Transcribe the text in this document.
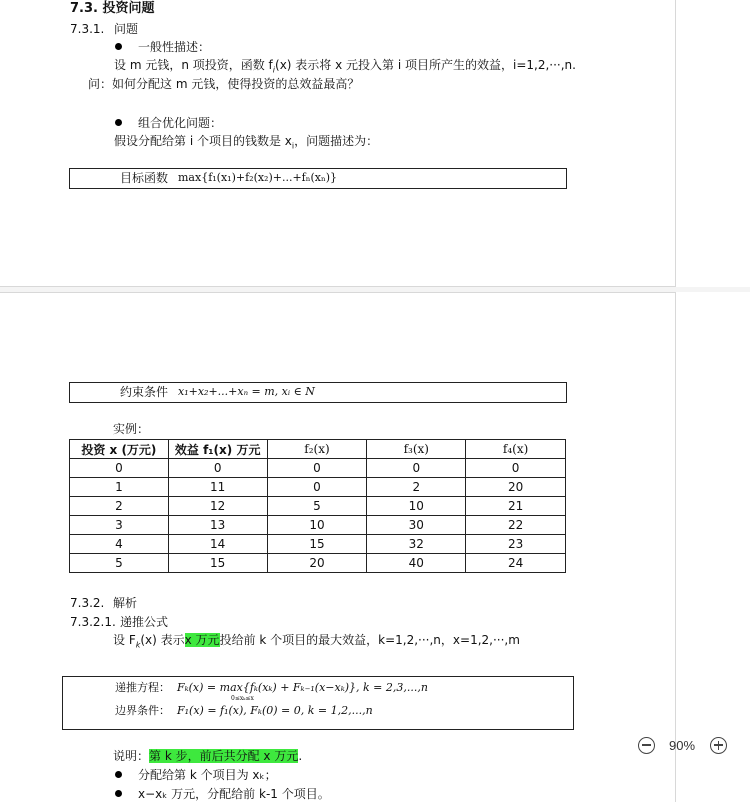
7.3. 投资问题
7.3.1. 问题
一般性描述：
设 m 元钱，n 项投资，函数 $f_i(x)$ 表示将 x 元投入第 i 项目所产生的效益，i=1,2,···,n.
问：如何分配这 m 元钱，使得投资的总效益最高？
组合优化问题：
假设分配给第 i 个项目的钱数是 $x_i$，问题描述为：
目标函数 max{f₁(x₁)+f₂(x₂)+...+fₙ(xₙ)}
约束条件 x₁+x₂+...+xₙ = m, xᵢ ∈ N
实例：
投资 x (万元)	效益 f₁(x) 万元	f₂(x)	f₃(x)	f₄(x)
0	0	0	0	0
1	11	0	2	20
2	12	5	10	21
3	13	10	30	22
4	14	15	32	23
5	15	20	40	24
7.3.2. 解析
7.3.2.1. 递推公式
设 $F_k(x)$ 表示x 万元投给前 k 个项目的最大效益，k=1,2,···,n，x=1,2,···,m
递推方程： Fₖ(x) = max{fₖ(xₖ) + Fₖ₋₁(x−xₖ)}, k = 2,3,...,n
0≤xₖ≤x
边界条件： F₁(x) = f₁(x), Fₖ(0) = 0, k = 1,2,...,n
说明：第 k 步，前后共分配 x 万元.
分配给第 k 个项目为 xₖ；
x−xₖ 万元，分配给前 k-1 个项目。
90%
